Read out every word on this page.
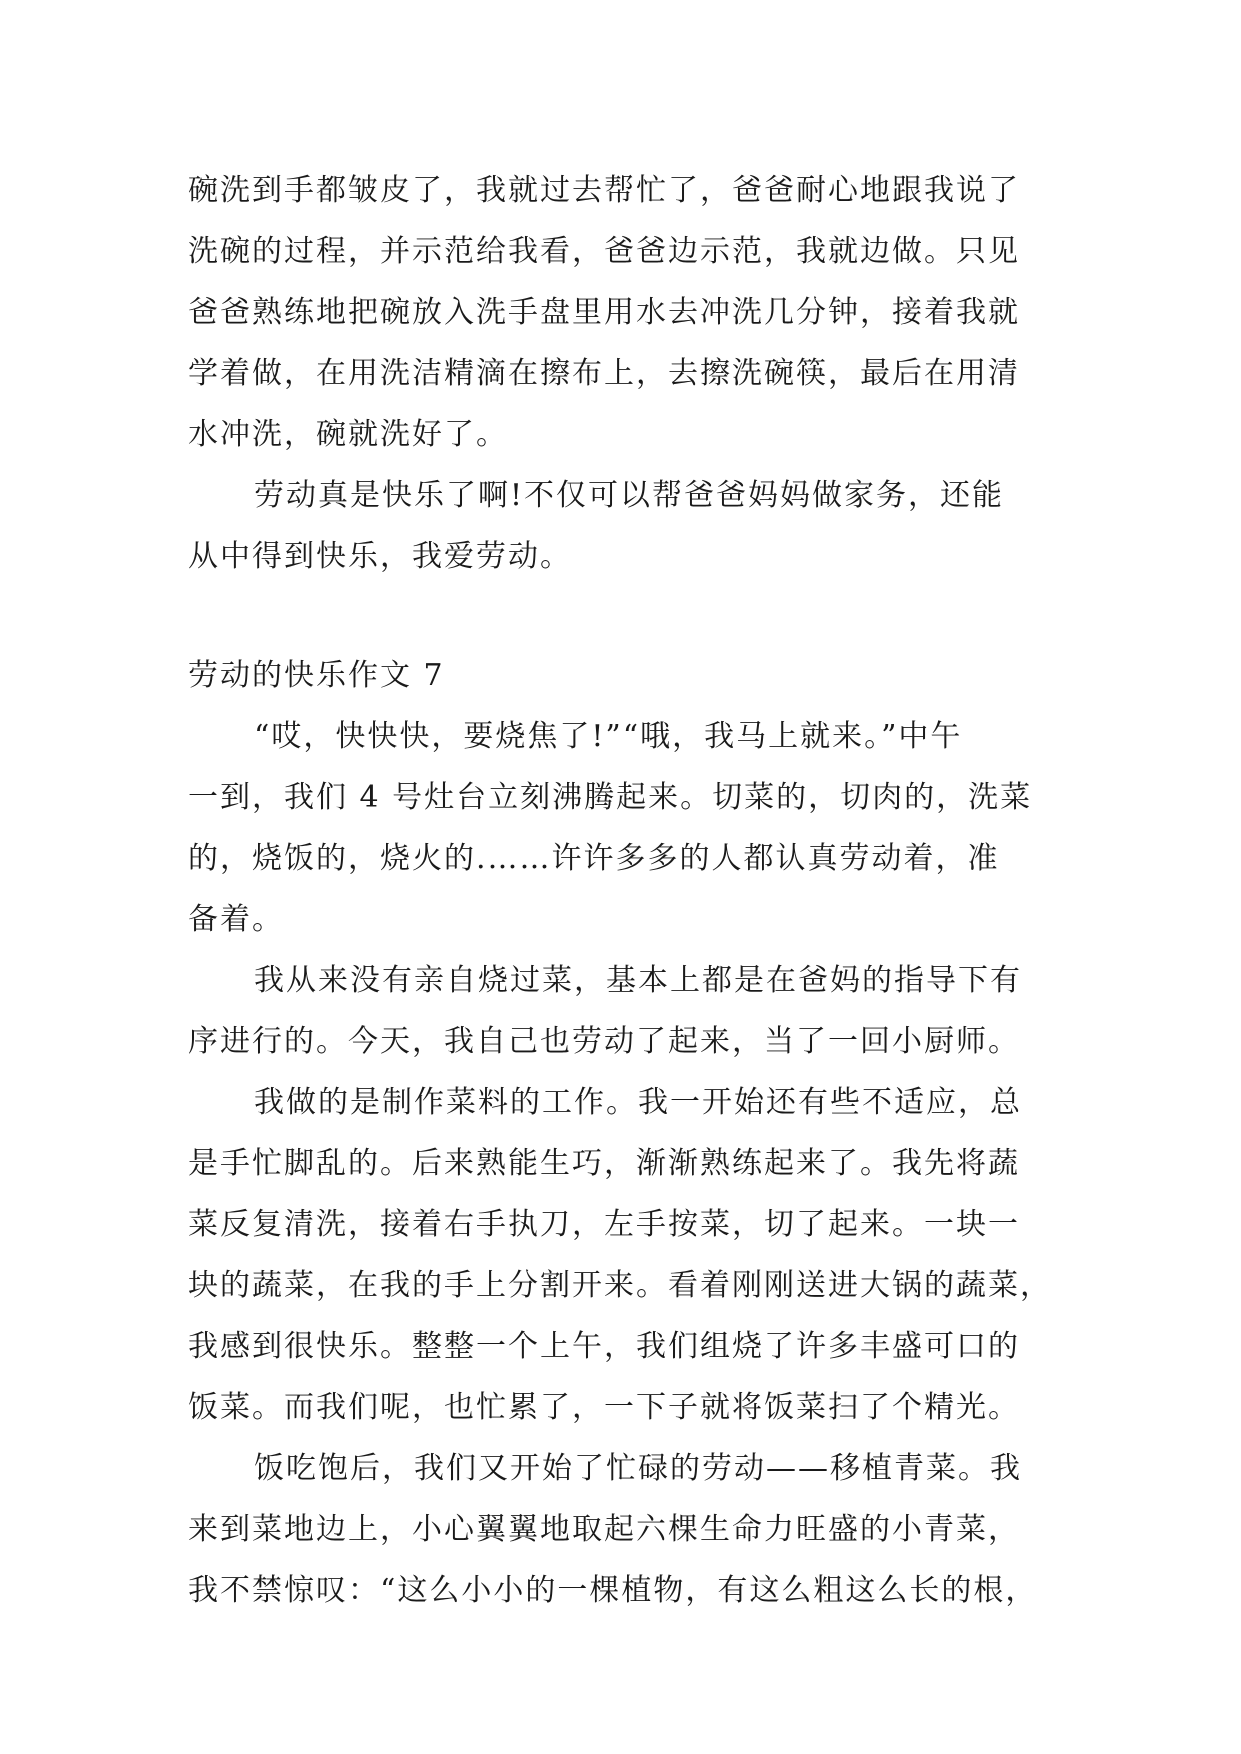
碗洗到手都皱皮了，我就过去帮忙了，爸爸耐心地跟我说了
洗碗的过程，并示范给我看，爸爸边示范，我就边做。只见
爸爸熟练地把碗放入洗手盘里用水去冲洗几分钟，接着我就
学着做，在用洗洁精滴在擦布上，去擦洗碗筷，最后在用清
水冲洗，碗就洗好了。
劳动真是快乐了啊!不仅可以帮爸爸妈妈做家务，还能
从中得到快乐，我爱劳动。
劳动的快乐作文 7
“哎，快快快，要烧焦了!”“哦，我马上就来。”中午
一到，我们 4 号灶台立刻沸腾起来。切菜的，切肉的，洗菜
的，烧饭的，烧火的.……许许多多的人都认真劳动着，准
备着。
我从来没有亲自烧过菜，基本上都是在爸妈的指导下有
序进行的。今天，我自己也劳动了起来，当了一回小厨师。
我做的是制作菜料的工作。我一开始还有些不适应，总
是手忙脚乱的。后来熟能生巧，渐渐熟练起来了。我先将蔬
菜反复清洗，接着右手执刀，左手按菜，切了起来。一块一
块的蔬菜，在我的手上分割开来。看着刚刚送进大锅的蔬菜，
我感到很快乐。整整一个上午，我们组烧了许多丰盛可口的
饭菜。而我们呢，也忙累了，一下子就将饭菜扫了个精光。
饭吃饱后，我们又开始了忙碌的劳动——移植青菜。我
来到菜地边上，小心翼翼地取起六棵生命力旺盛的小青菜，
我不禁惊叹：“这么小小的一棵植物，有这么粗这么长的根，
